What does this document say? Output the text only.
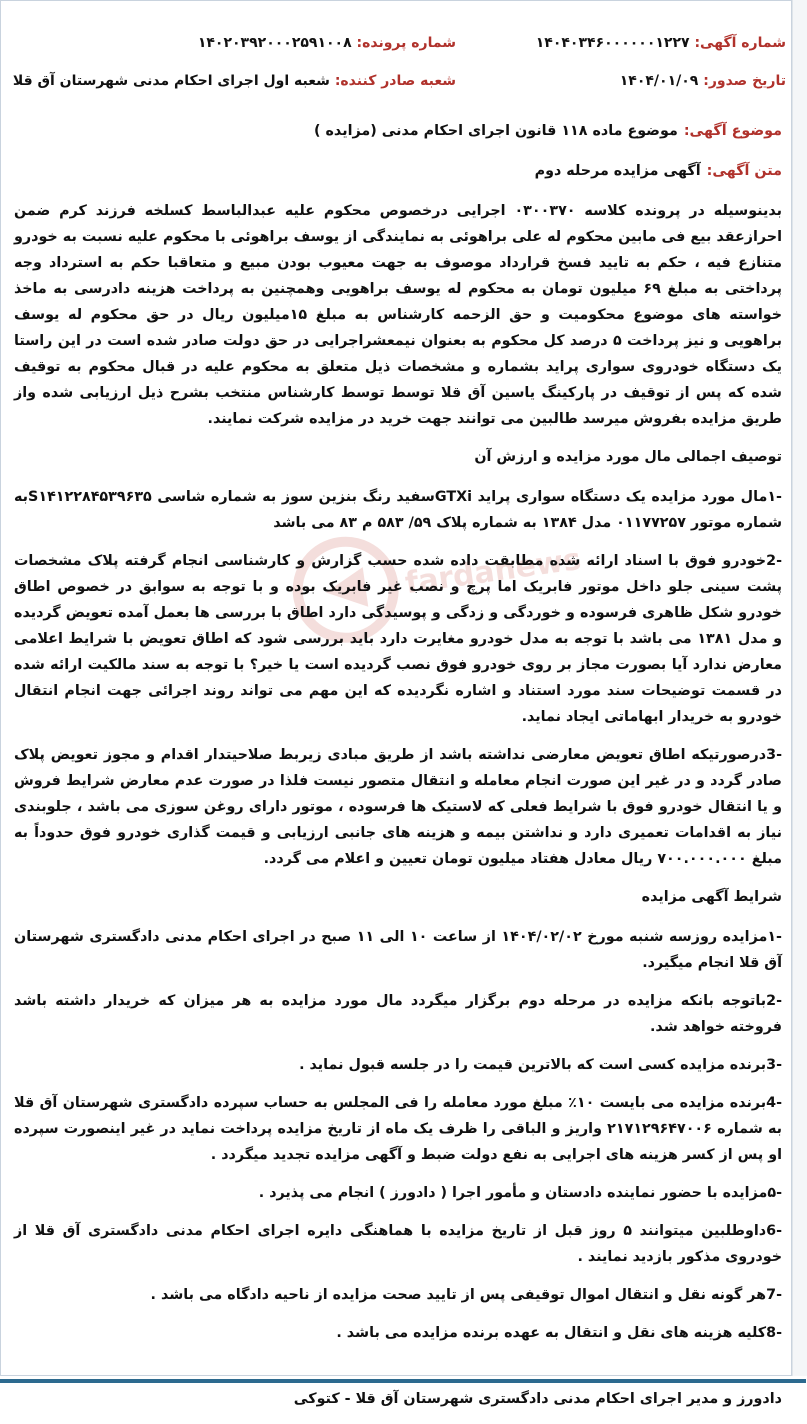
شماره آگهی: ۱۴۰۴۰۳۴۶۰۰۰۰۰۰۱۲۲۷
شماره پرونده: ۱۴۰۲۰۳۹۲۰۰۰۲۵۹۱۰۰۸
تاریخ صدور: ۱۴۰۴/۰۱/۰۹
شعبه صادر کننده: شعبه اول اجرای احکام مدنی شهرستان آق قلا

موضوع آگهی:موضوع ماده ۱۱۸ قانون اجرای احکام مدنی (مزایده )

متن آگهی:آگهی مزایده مرحله دوم

بدینوسیله در پرونده کلاسه ۰۳۰۰۳۷۰ اجرایی درخصوص محکوم علیه عبدالباسط کسلخه فرزند کرم ضمن احرازعقد بیع فی مابین محکوم له علی براهوئی به نمایندگی از یوسف براهوئی با محکوم علیه نسبت به خودرو متنازع فیه ، حکم به تایید فسخ قرارداد موصوف به جهت معیوب بودن مبیع و متعاقبا حکم به استرداد وجه پرداختی به مبلغ ۶۹ میلیون تومان به محکوم له یوسف براهویی وهمچنین به پرداخت هزینه دادرسی به ماخذ خواسته های موضوع محکومیت و حق الزحمه کارشناس به مبلغ ۱۵میلیون ریال در حق محکوم له یوسف براهویی و نیز پرداخت ۵ درصد کل محکوم به بعنوان نیمعشراجرایی در حق دولت صادر شده است در این راستا یک دستگاه خودروی سواری پراید بشماره و مشخصات ذیل متعلق به محکوم علیه در قبال محکوم به توقیف شده که پس از توقیف در پارکینگ یاسین آق قلا توسط توسط کارشناس منتخب بشرح ذیل ارزیابی شده واز طریق مزایده بفروش میرسد طالبین می توانند جهت خرید در مزایده شرکت نمایند.

توصیف اجمالی مال مورد مزایده و ارزش آن

-۱مال مورد مزایده یک دستگاه سواری پراید GTXiسفید رنگ بنزین سوز به شماره شاسی S۱۴۱۲۲۸۴۵۳۹۶۳۵به شماره موتور ۰۱۱۷۷۲۵۷ مدل ۱۳۸۴ به شماره پلاک ۵۹/ ۵۸۳ م ۸۳ می باشد

-2خودرو فوق با اسناد ارائه شده مطابقت داده شده حسب گزارش و کارشناسی انجام گرفته پلاک مشخصات پشت سینی جلو داخل موتور فابریک اما پرچ و نصب غیر فابریک بوده و با توجه به سوابق در خصوص اطاق خودرو شکل ظاهری فرسوده و خوردگی و زدگی و پوسیدگی دارد اطاق با بررسی ها بعمل آمده تعویض گردیده و مدل ۱۳۸۱ می باشد با توجه به مدل خودرو مغایرت دارد باید بررسی شود که اطاق تعویض با شرایط اعلامی معارض ندارد آیا بصورت مجاز بر روی خودرو فوق نصب گردیده است یا خیر؟ با توجه به سند مالکیت ارائه شده در قسمت توضیحات سند مورد استناد و اشاره نگردیده که این مهم می تواند روند اجرائی جهت انجام انتقال خودرو به خریدار ابهاماتی ایجاد نماید.

-3درصورتیکه اطاق تعویض معارضی نداشته باشد از طریق مبادی زیربط صلاحیتدار اقدام و مجوز تعویض پلاک صادر گردد و در غیر این صورت انجام معامله و انتقال متصور نیست فلذا در صورت عدم معارض شرایط فروش و یا انتقال خودرو فوق با شرایط فعلی که لاستیک ها فرسوده ، موتور دارای روغن سوزی می باشد ، جلوبندی نیاز به اقدامات تعمیری دارد و نداشتن بیمه و هزینه های جانبی ارزیابی و قیمت گذاری خودرو فوق حدوداً به مبلغ ۷۰۰.۰۰۰.۰۰۰ ریال معادل هفتاد میلیون تومان تعیین و اعلام می گردد.

شرایط آگهی مزایده

-۱مزایده روزسه شنبه مورخ ۱۴۰۴/۰۲/۰۲ از ساعت ۱۰ الی ۱۱ صبح در اجرای احکام مدنی دادگستری شهرستان آق قلا انجام میگیرد.

-2باتوجه بانکه مزایده در مرحله دوم برگزار میگردد مال مورد مزایده به هر میزان که خریدار داشته باشد فروخته خواهد شد.

-3برنده مزایده کسی است که بالاترین قیمت را در جلسه قبول نماید .

-4برنده مزایده می بایست ۱۰٪ مبلغ مورد معامله را فی المجلس به حساب سپرده دادگستری شهرستان آق قلا به شماره ۲۱۷۱۲۹۶۴۷۰۰۶ واریز و الباقی را ظرف یک ماه از تاریخ مزایده پرداخت نماید در غیر اینصورت سپرده او پس از کسر هزینه های اجرایی به نفع دولت ضبط و آگهی مزایده تجدید میگردد .

-۵مزایده با حضور نماینده دادستان و مأمور اجرا ( دادورز ) انجام می پذیرد .

-6داوطلبین میتوانند ۵ روز قبل از تاریخ مزایده با هماهنگی دایره اجرای احکام مدنی دادگستری آق قلا از خودروی مذکور بازدید نمایند .

-7هر گونه نقل و انتقال اموال توقیفی پس از تایید صحت مزایده از ناحیه دادگاه می باشد .

-8کلیه هزینه های نقل و انتقال به عهده برنده مزایده می باشد .

دادورز و مدیر اجرای احکام مدنی دادگستری شهرستان آق قلا - کتوکی
